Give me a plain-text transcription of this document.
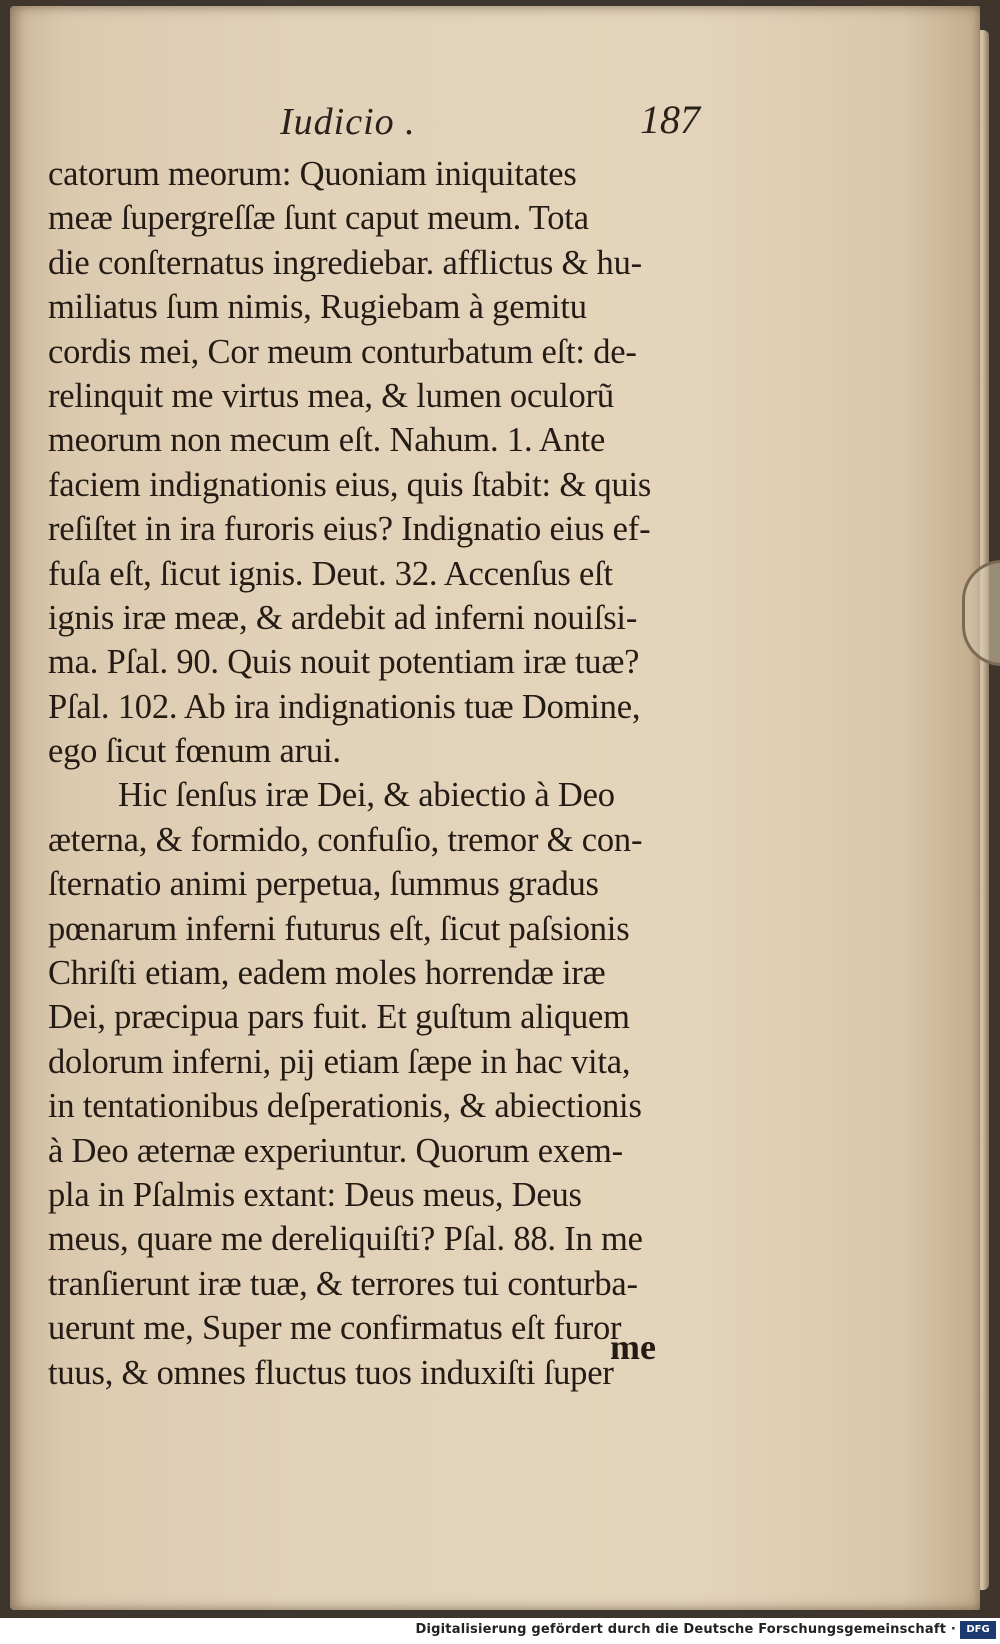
Iudicio .	187
catorum meorum: Quoniam iniquitates
meæ ſupergreſſæ ſunt caput meum. Tota
die conſternatus ingrediebar. afflictus & hu-
miliatus ſum nimis, Rugiebam à gemitu
cordis mei, Cor meum conturbatum eſt: de-
relinquit me virtus mea, & lumen oculorũ
meorum non mecum eſt. Nahum. 1. Ante
faciem indignationis eius, quis ſtabit: & quis
reſiſtet in ira furoris eius? Indignatio eius ef-
fuſa eſt, ſicut ignis. Deut. 32. Accenſus eſt
ignis iræ meæ, & ardebit ad inferni nouiſsi-
ma. Pſal. 90. Quis nouit potentiam iræ tuæ?
Pſal. 102. Ab ira indignationis tuæ Domine,
ego ſicut fœnum arui.
Hic ſenſus iræ Dei, & abiectio à Deo
æterna, & formido, confuſio, tremor & con-
ſternatio animi perpetua, ſummus gradus
pœnarum inferni futurus eſt, ſicut paſsionis
Chriſti etiam, eadem moles horrendæ iræ
Dei, præcipua pars fuit. Et guſtum aliquem
dolorum inferni, pij etiam ſæpe in hac vita,
in tentationibus deſperationis, & abiectionis
à Deo æternæ experiuntur. Quorum exem-
pla in Pſalmis extant: Deus meus, Deus
meus, quare me dereliquiſti? Pſal. 88. In me
tranſierunt iræ tuæ, & terrores tui conturba-
uerunt me, Super me confirmatus eſt furor
tuus, & omnes fluctus tuos induxiſti ſuper
me
Digitalisierung gefördert durch die Deutsche Forschungsgemeinschaft ·	DFG
